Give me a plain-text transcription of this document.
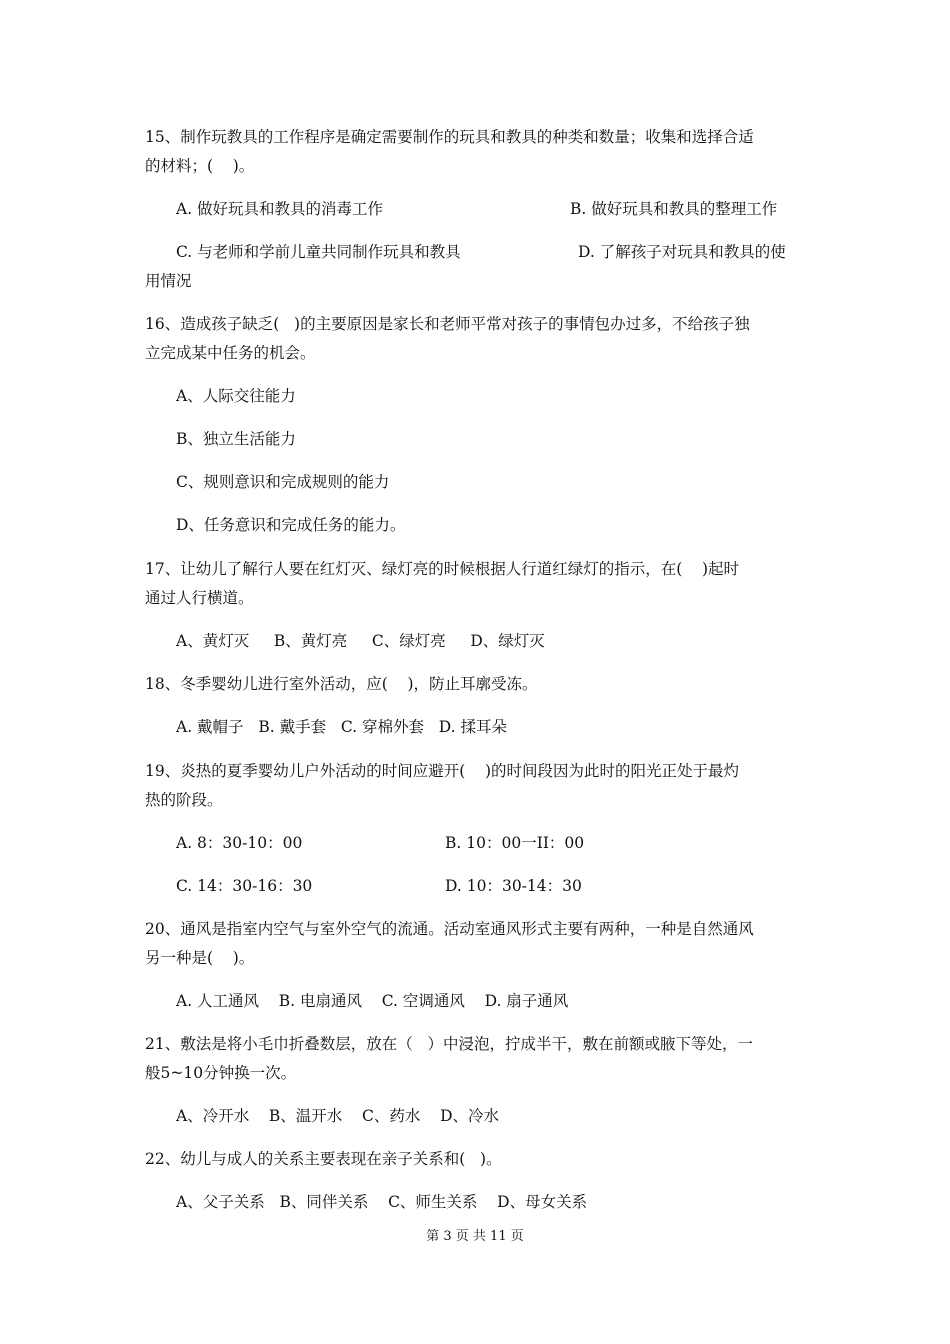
15、制作玩教具的工作程序是确定需要制作的玩具和教具的种类和数量；收集和选择合适
的材料；(    )。
A. 做好玩具和教具的消毒工作	B. 做好玩具和教具的整理工作
C. 与老师和学前儿童共同制作玩具和教具	D. 了解孩子对玩具和教具的使
用情况
16、造成孩子缺乏(   )的主要原因是家长和老师平常对孩子的事情包办过多，不给孩子独
立完成某中任务的机会。
A、人际交往能力
B、独立生活能力
C、规则意识和完成规则的能力
D、任务意识和完成任务的能力。
17、让幼儿了解行人要在红灯灭、绿灯亮的时候根据人行道红绿灯的指示，在(    )起时
通过人行横道。
A、黄灯灭     B、黄灯亮     C、绿灯亮     D、绿灯灭
18、冬季婴幼儿进行室外活动，应(    )，防止耳廓受冻。
A. 戴帽子   B. 戴手套   C. 穿棉外套   D. 揉耳朵
19、炎热的夏季婴幼儿户外活动的时间应避开(    )的时间段因为此时的阳光正处于最灼
热的阶段。
A. 8：30-10：00	B. 10：00一II：00
C. 14：30-16：30	D. 10：30-14：30
20、通风是指室内空气与室外空气的流通。活动室通风形式主要有两种，一种是自然通风
另一种是(    )。
A. 人工通风    B. 电扇通风    C. 空调通风    D. 扇子通风
21、敷法是将小毛巾折叠数层，放在（   ）中浸泡，拧成半干，敷在前额或腋下等处，一
般5~10分钟换一次。
A、冷开水    B、温开水    C、药水    D、冷水
22、幼儿与成人的关系主要表现在亲子关系和(   )。
A、父子关系   B、同伴关系    C、师生关系    D、母女关系
第 3 页 共 11 页
